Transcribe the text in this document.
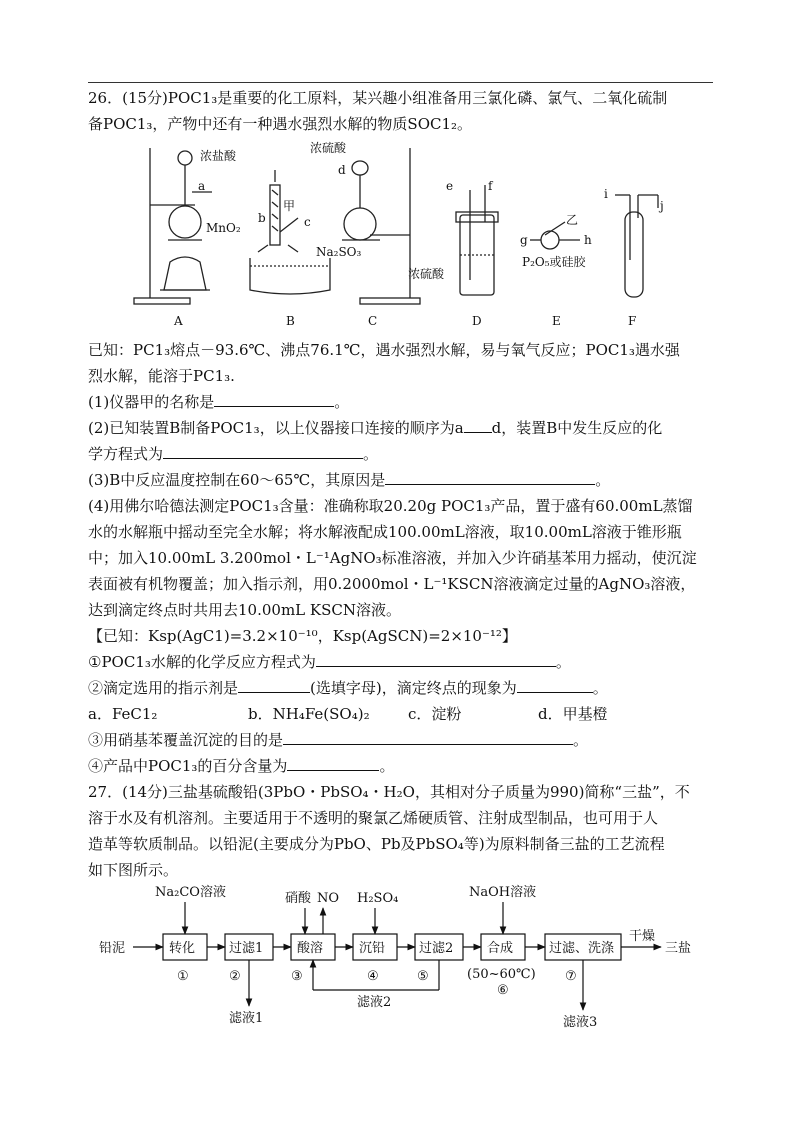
26．(15分)POC1₃是重要的化工原料，某兴趣小组准备用三氯化磷、氯气、二氧化硫制
备POC1₃，产物中还有一种遇水强烈水解的物质SOC1₂。
浓盐酸
a
MnO₂
b
甲
c
浓硫酸
d
Na₂SO₃
e	f
浓硫酸
g
乙
h
P₂O₅或硅胶
i
j
A	B	C	D	E	F
已知：PC1₃熔点－93.6℃、沸点76.1℃，遇水强烈水解，易与氧气反应；POC1₃遇水强
烈水解，能溶于PC1₃.
(1)仪器甲的名称是	。
(2)已知装置B制备POC1₃，以上仪器接口连接的顺序为a d，装置B中发生反应的化
学方程式为	。
(3)B中反应温度控制在60～65℃，其原因是	。
(4)用佛尔哈德法测定POC1₃含量：准确称取20.20g POC1₃产品，置于盛有60.00mL蒸馏
水的水解瓶中摇动至完全水解；将水解液配成100.00mL溶液，取10.00mL溶液于锥形瓶
中；加入10.00mL 3.200mol・L⁻¹AgNO₃标准溶液，并加入少许硝基苯用力摇动，使沉淀
表面被有机物覆盖；加入指示剂，用0.2000mol・L⁻¹KSCN溶液滴定过量的AgNO₃溶液，
达到滴定终点时共用去10.00mL KSCN溶液。
【已知：Ksp(AgC1)=3.2×10⁻¹⁰，Ksp(AgSCN)=2×10⁻¹²】
①POC1₃水解的化学反应方程式为	。
②滴定选用的指示剂是	(选填字母)，滴定终点的现象为	。
a．FeC1₂	b．NH₄Fe(SO₄)₂	c．淀粉	d．甲基橙
③用硝基苯覆盖沉淀的目的是	。
④产品中POC1₃的百分含量为	。
27．(14分)三盐基硫酸铅(3PbO・PbSO₄・H₂O，其相对分子质量为990)简称“三盐”，不
溶于水及有机溶剂。主要适用于不透明的聚氯乙烯硬质管、注射成型制品，也可用于人
造革等软质制品。以铅泥(主要成分为PbO、Pb及PbSO₄等)为原料制备三盐的工艺流程
如下图所示。
铅泥	转化	过滤1	酸溶	沉铅	过滤2	合成	过滤、洗涤	三盐
干燥
Na₂CO溶液	硝酸 NO H₂SO₄	NaOH溶液
①	②	③	④	⑤
⑥
⑦
(50~60℃)
滤液1
滤液2
滤液3
